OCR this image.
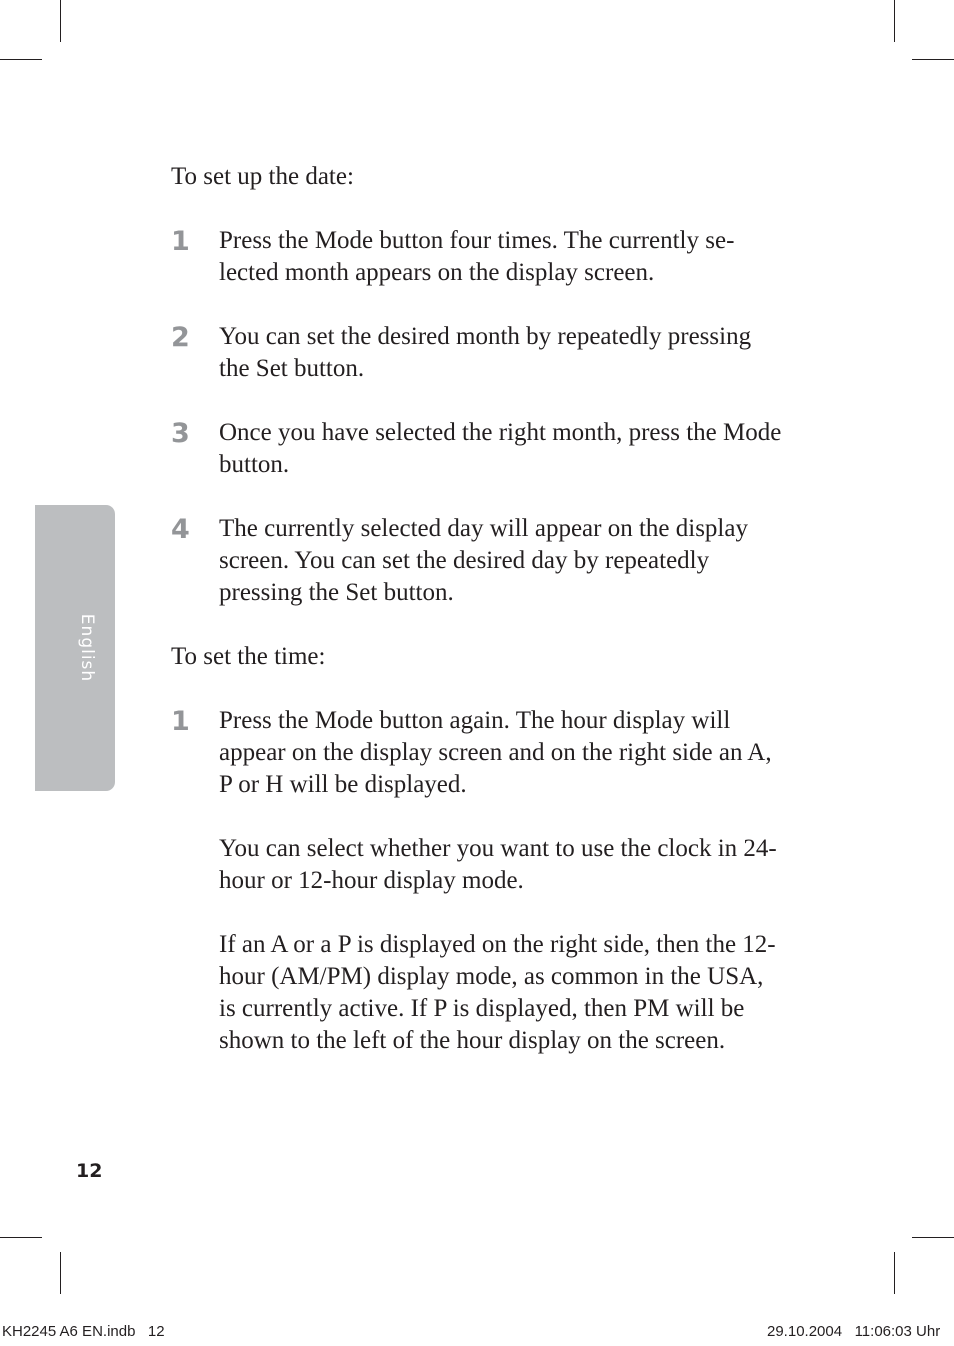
English

To set up the date:

1 Press the Mode button four times. The currently se-lected month appears on the display screen.

2 You can set the desired month by repeatedly pressing the Set button.

3 Once you have selected the right month, press the Mode button.

4 The currently selected day will appear on the display screen. You can set the desired day by repeatedly pressing the Set button.

To set the time:

1 Press the Mode button again. The hour display will appear on the display screen and on the right side an A, P or H will be displayed.

You can select whether you want to use the clock in 24-hour or 12-hour display mode.

If an A or a P is displayed on the right side, then the 12-hour (AM/PM) display mode, as common in the USA, is currently active. If P is displayed, then PM will be shown to the left of the hour display on the screen.

12
KH2245 A6 EN.indb   12	29.10.2004   11:06:03 Uhr
